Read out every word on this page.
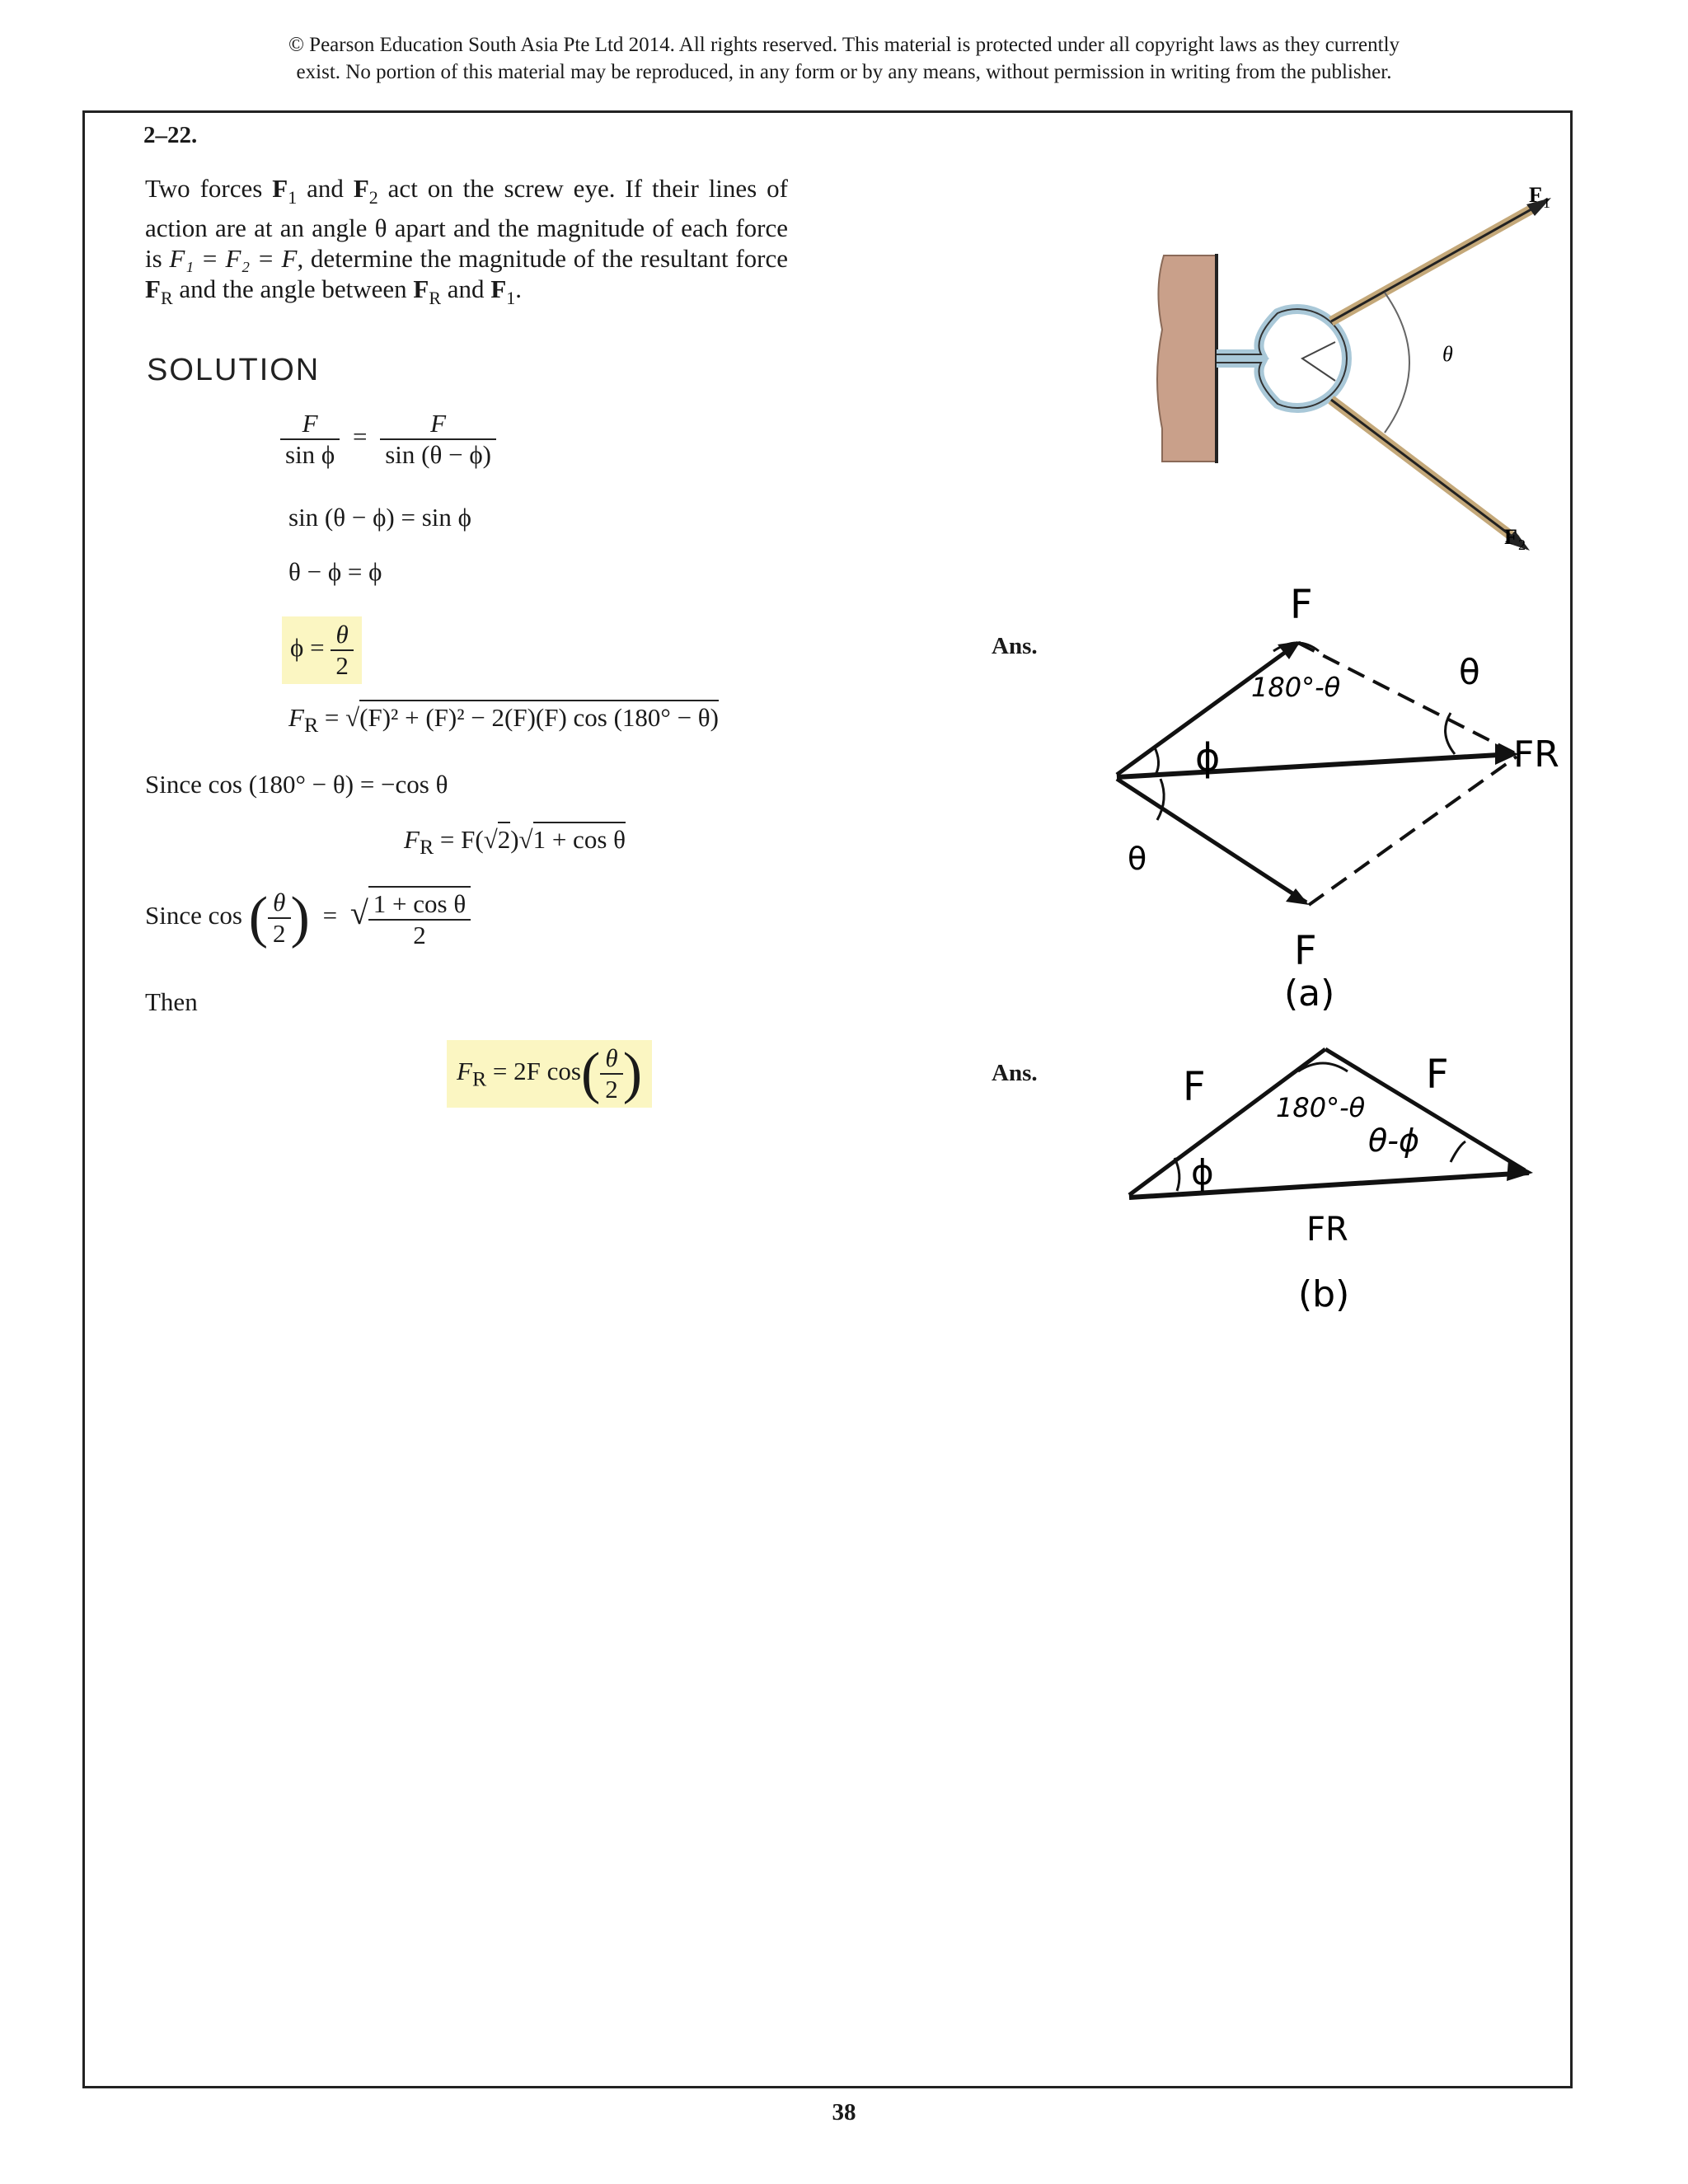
© Pearson Education South Asia Pte Ltd 2014. All rights reserved. This material is protected under all copyright laws as they currently
exist. No portion of this material may be reproduced, in any form or by any means, without permission in writing from the publisher.
2–22.
Two forces $F_1$ and $F_2$ act on the screw eye. If their lines of action are at an angle θ apart and the magnitude of each force is F₁ = F₂ = F, determine the magnitude of the resultant force $F_R$ and the angle between $F_R$ and $F_1$.
SOLUTION
$\frac{F}{\text{sin ϕ}} = \frac{F}{\sin (\theta - \phi)}$
sin (θ − ϕ) = sin ϕ
θ − ϕ = ϕ
$\phi = \frac{\theta}{2}$	Ans.
$F_R = √(F)^2 + (F)^2 - 2(F)(F)$ cos (180° − θ)
Since cos (180° − θ) = −cos θ
$F_R = F(√2)√1 + \cos \theta$
Since cos ( $\frac{\theta}{2}$ ) = √ $\frac{\text{1 + cos θ}}{2}$
Then
$F_R = 2F$ $\cos( \frac{\theta}{2}$ )	Ans.
F 1
F 2
θ
F
180°-θ
ϕ
θ
FR
θ
F
(a)
F	180°-θ
F
θ-ϕ
ϕ
FR
(b)
38
